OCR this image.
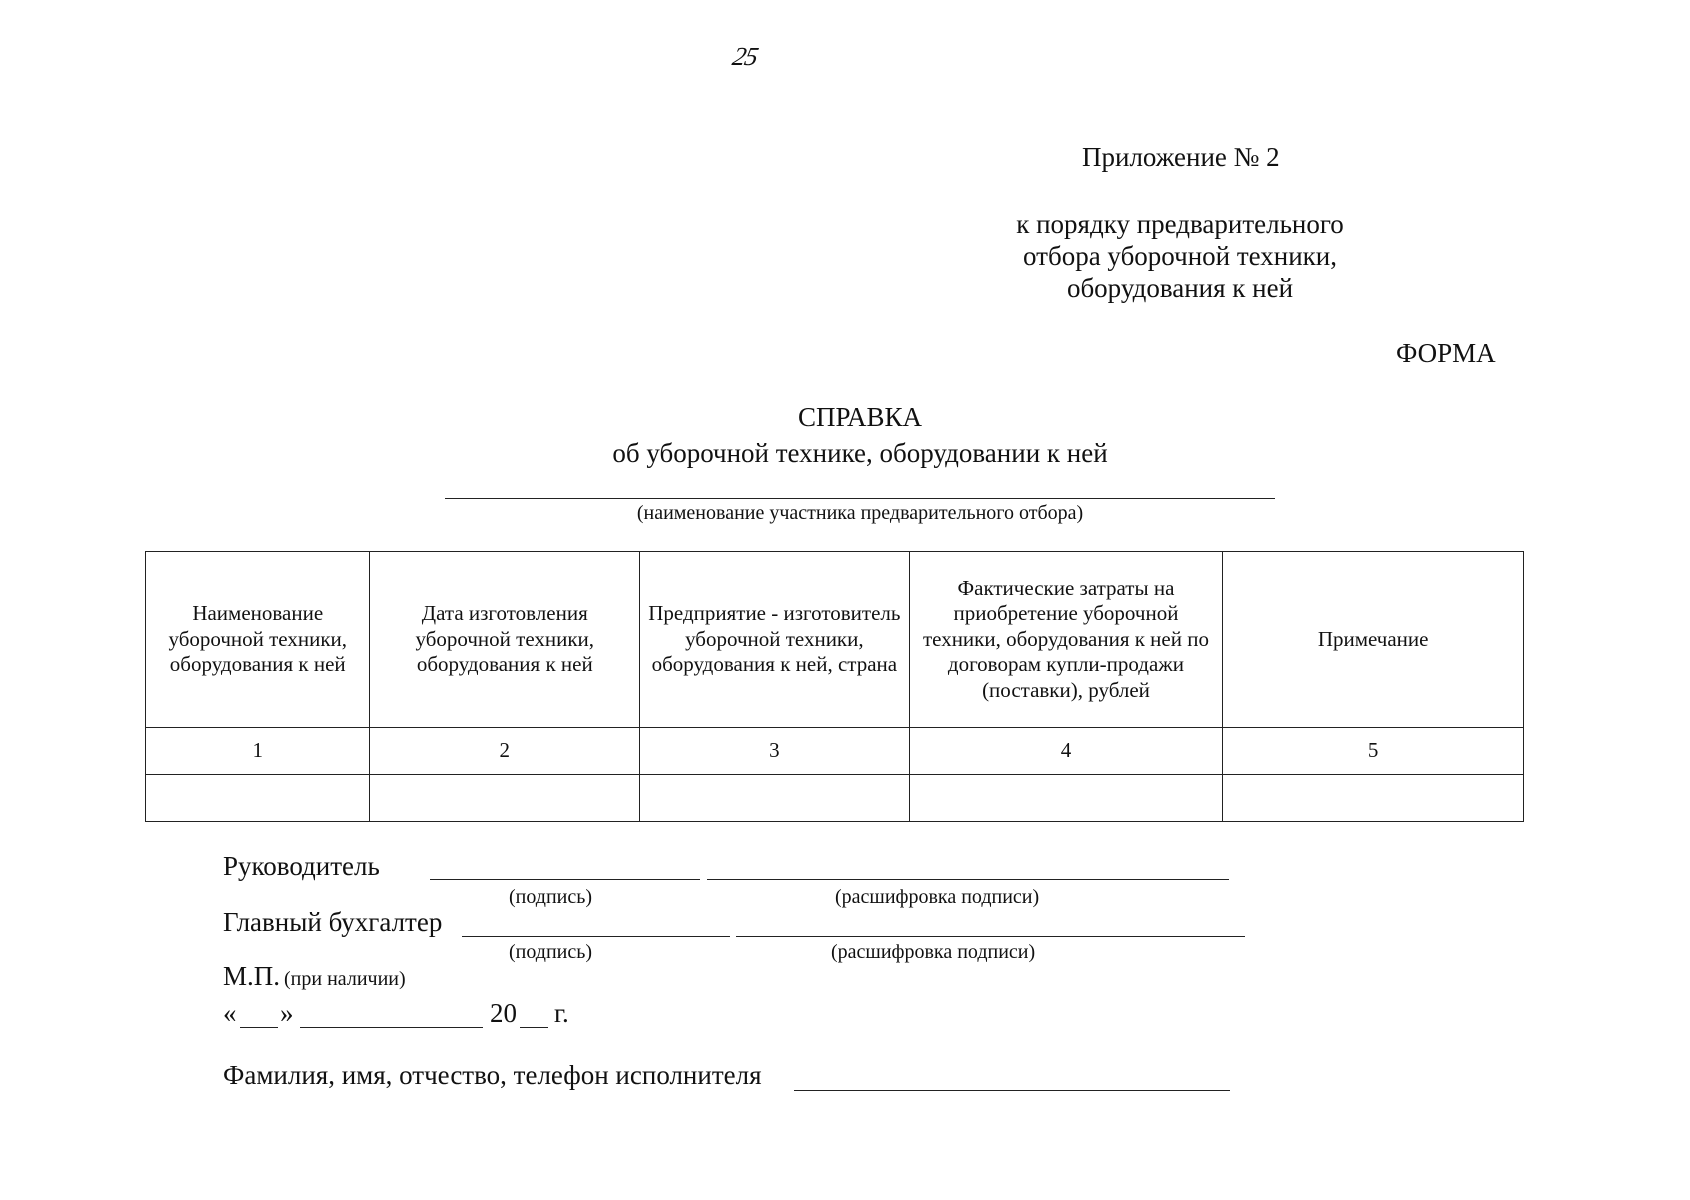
25
Приложение № 2
к порядку предварительного
отбора уборочной техники,
оборудования к ней
ФОРМА
СПРАВКА
об уборочной технике, оборудовании к ней
(наименование участника предварительного отбора)
Наименование уборочной техники, оборудования к ней	Дата изготовления уборочной техники, оборудования к ней	Предприятие - изготовитель уборочной техники, оборудования к ней, страна	Фактические затраты на приобретение уборочной техники, оборудования к ней по договорам купли-продажи (поставки), рублей	Примечание
1	2	3	4	5

Руководитель
(подпись)	(расшифровка подписи)
Главный бухгалтер
(подпись)	(расшифровка подписи)
М.П. (при наличии)
« »	20 г.
Фамилия, имя, отчество, телефон исполнителя
